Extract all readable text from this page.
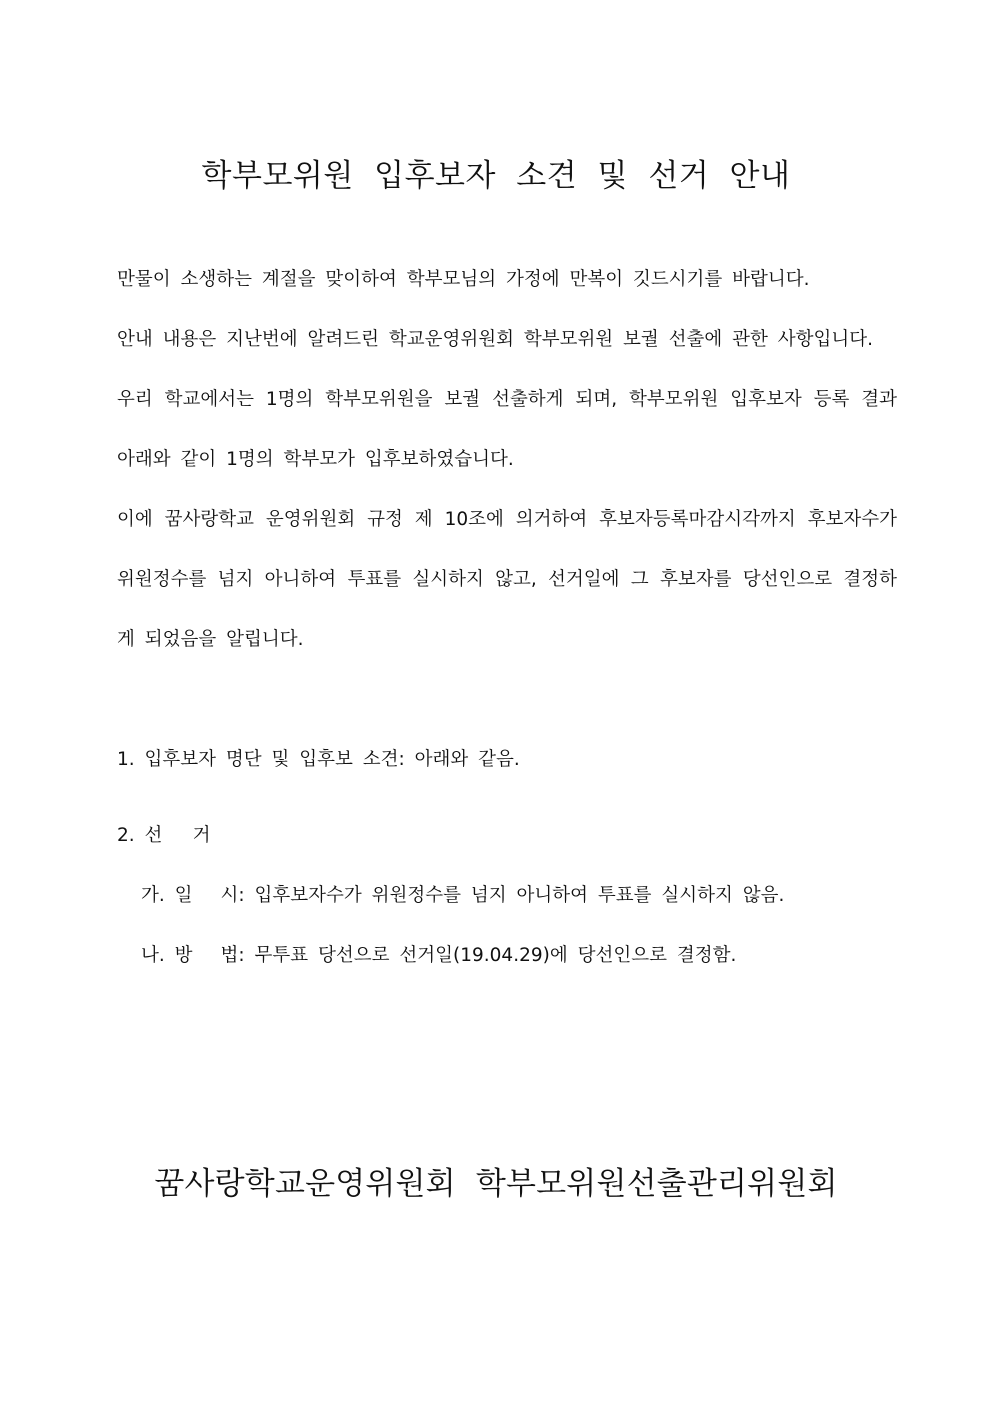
학부모위원 입후보자 소견 및 선거 안내

만물이 소생하는 계절을 맞이하여 학부모님의 가정에 만복이 깃드시기를 바랍니다.

안내 내용은 지난번에 알려드린 학교운영위원회 학부모위원 보궐 선출에 관한 사항입니다.

우리 학교에서는 1명의 학부모위원을 보궐 선출하게 되며, 학부모위원 입후보자 등록 결과 아래와 같이 1명의 학부모가 입후보하였습니다.

이에 꿈사랑학교 운영위원회 규정 제 10조에 의거하여 후보자등록마감시각까지 후보자수가 위원정수를 넘지 아니하여 투표를 실시하지 않고, 선거일에 그 후보자를 당선인으로 결정하게 되었음을 알립니다.

1. 입후보자 명단 및 입후보 소견: 아래와 같음.
2. 선 거
가. 일 시: 입후보자수가 위원정수를 넘지 아니하여 투표를 실시하지 않음.
나. 방 법: 무투표 당선으로 선거일(19.04.29)에 당선인으로 결정함.
꿈사랑학교운영위원회 학부모위원선출관리위원회
